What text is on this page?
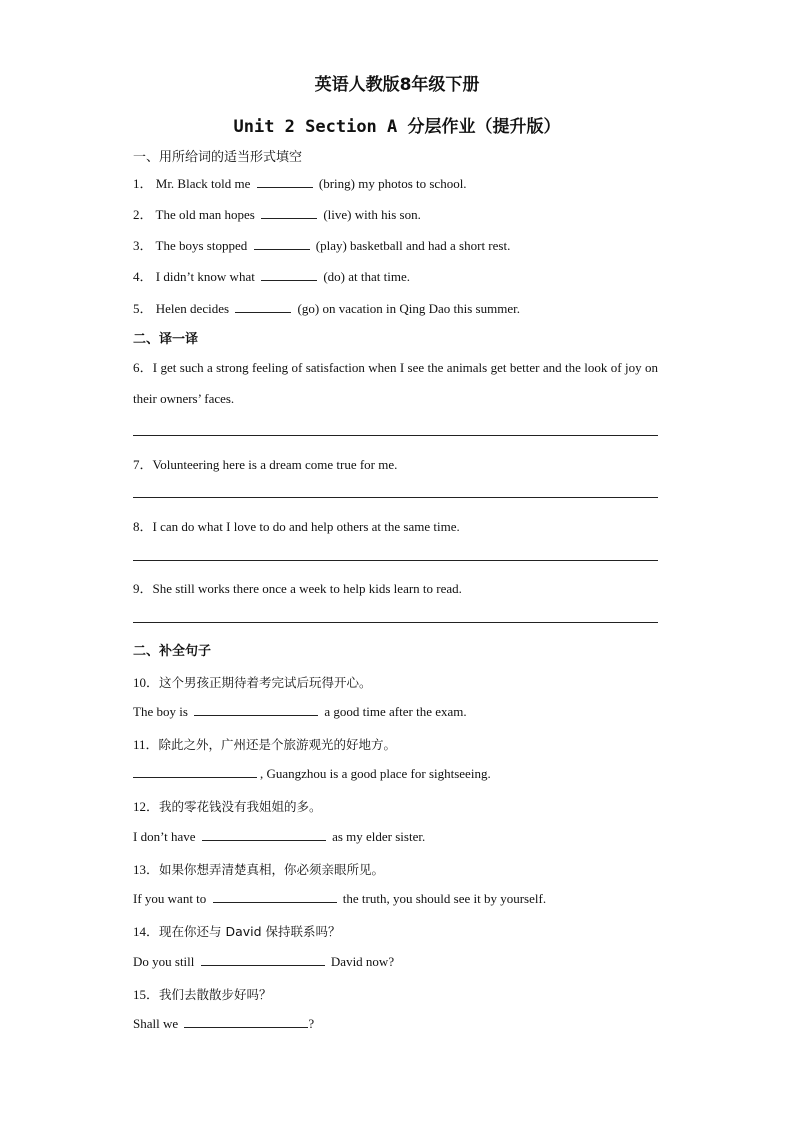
英语人教版8年级下册
Unit 2 Section A 分层作业（提升版）
一、用所给词的适当形式填空
1． Mr. Black told me	(bring) my photos to school.
2． The old man hopes	(live) with his son.
3． The boys stopped	(play) basketball and had a short rest.
4． I didn’t know what	(do) at that time.
5． Helen decides	(go) on vacation in Qing Dao this summer.
二、译一译
6．I get such a strong feeling of satisfaction when I see the animals get better and the look of joy on their owners’ faces.
7．Volunteering here is a dream come true for me.
8．I can do what I love to do and help others at the same time.
9．She still works there once a week to help kids learn to read.
二、补全句子
10．这个男孩正期待着考完试后玩得开心。
The boy is	a good time after the exam.
11．除此之外，广州还是个旅游观光的好地方。
, Guangzhou is a good place for sightseeing.
12．我的零花钱没有我姐姐的多。
I don’t have	as my elder sister.
13．如果你想弄清楚真相，你必须亲眼所见。
If you want to	the truth, you should see it by yourself.
14．现在你还与 David 保持联系吗？
Do you still	David now?
15．我们去散散步好吗？
Shall we	?
